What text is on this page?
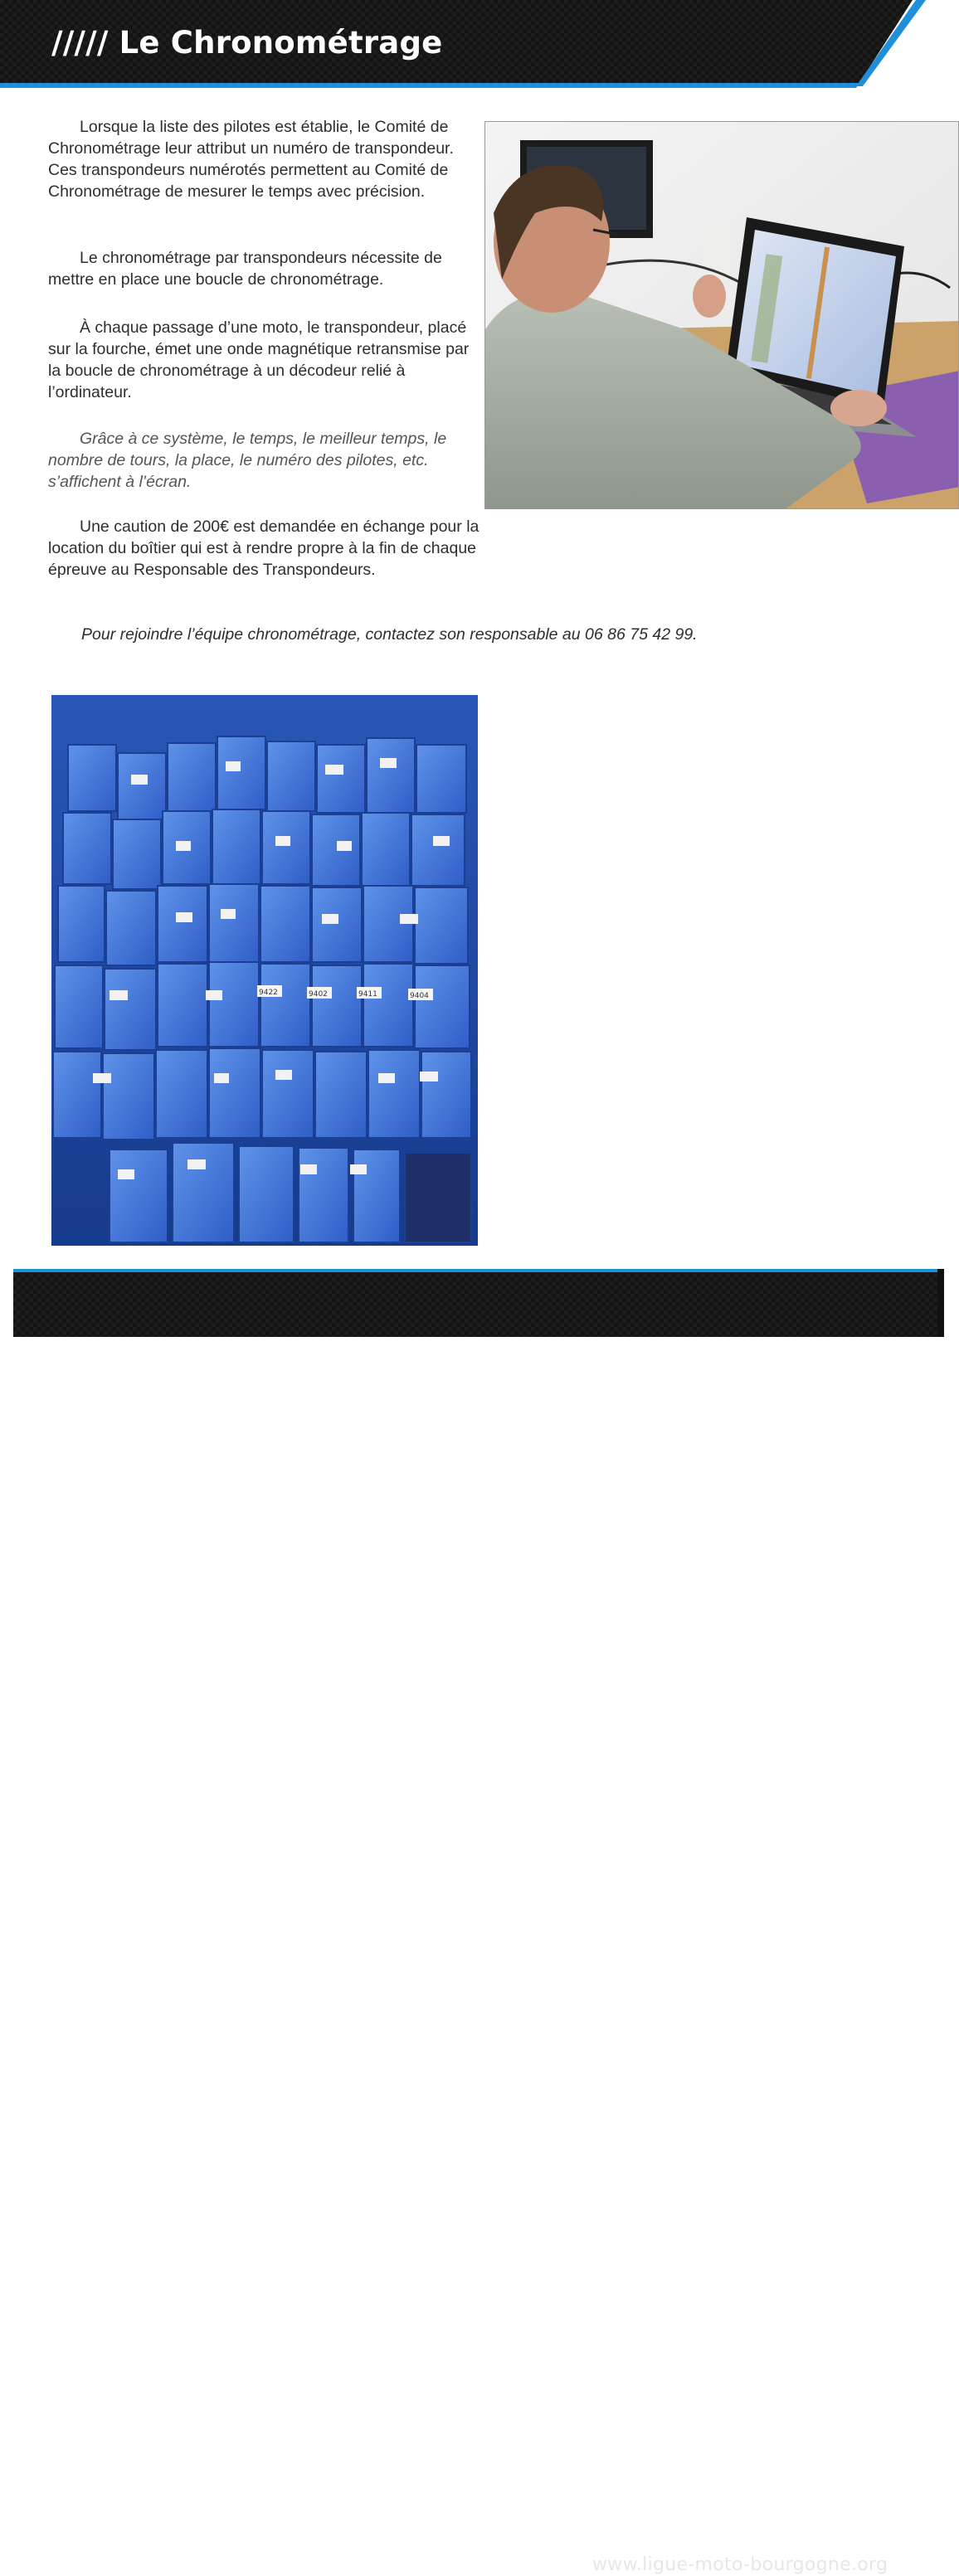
///// Le Chronométrage

Lorsque la liste des pilotes est établie, le Comité de Chronométrage leur attribut un numéro de transpondeur. Ces transpondeurs numérotés permettent au Comité de Chronométrage de mesurer le temps avec précision.

Le chronométrage par transpondeurs nécessite de mettre en place une boucle de chronométrage.

À chaque passage d’une moto, le transpondeur, placé sur la fourche, émet une onde magnétique retransmise par la boucle de chronométrage à un décodeur relié à l’ordinateur.

Grâce à ce système, le temps, le meilleur temps, le nombre de tours, la place, le numéro des pilotes, etc. s’affichent à l’écran.

Une caution de 200€ est demandée en échange pour la location du boîtier qui est à rendre propre à la fin de chaque épreuve au Responsable des Transpondeurs.

Pour rejoindre l’équipe chronométrage, contactez son responsable au 06 86 75 42 99.
9404
9422	9402	9411
27	www.ligue-moto-bourgogne.org
